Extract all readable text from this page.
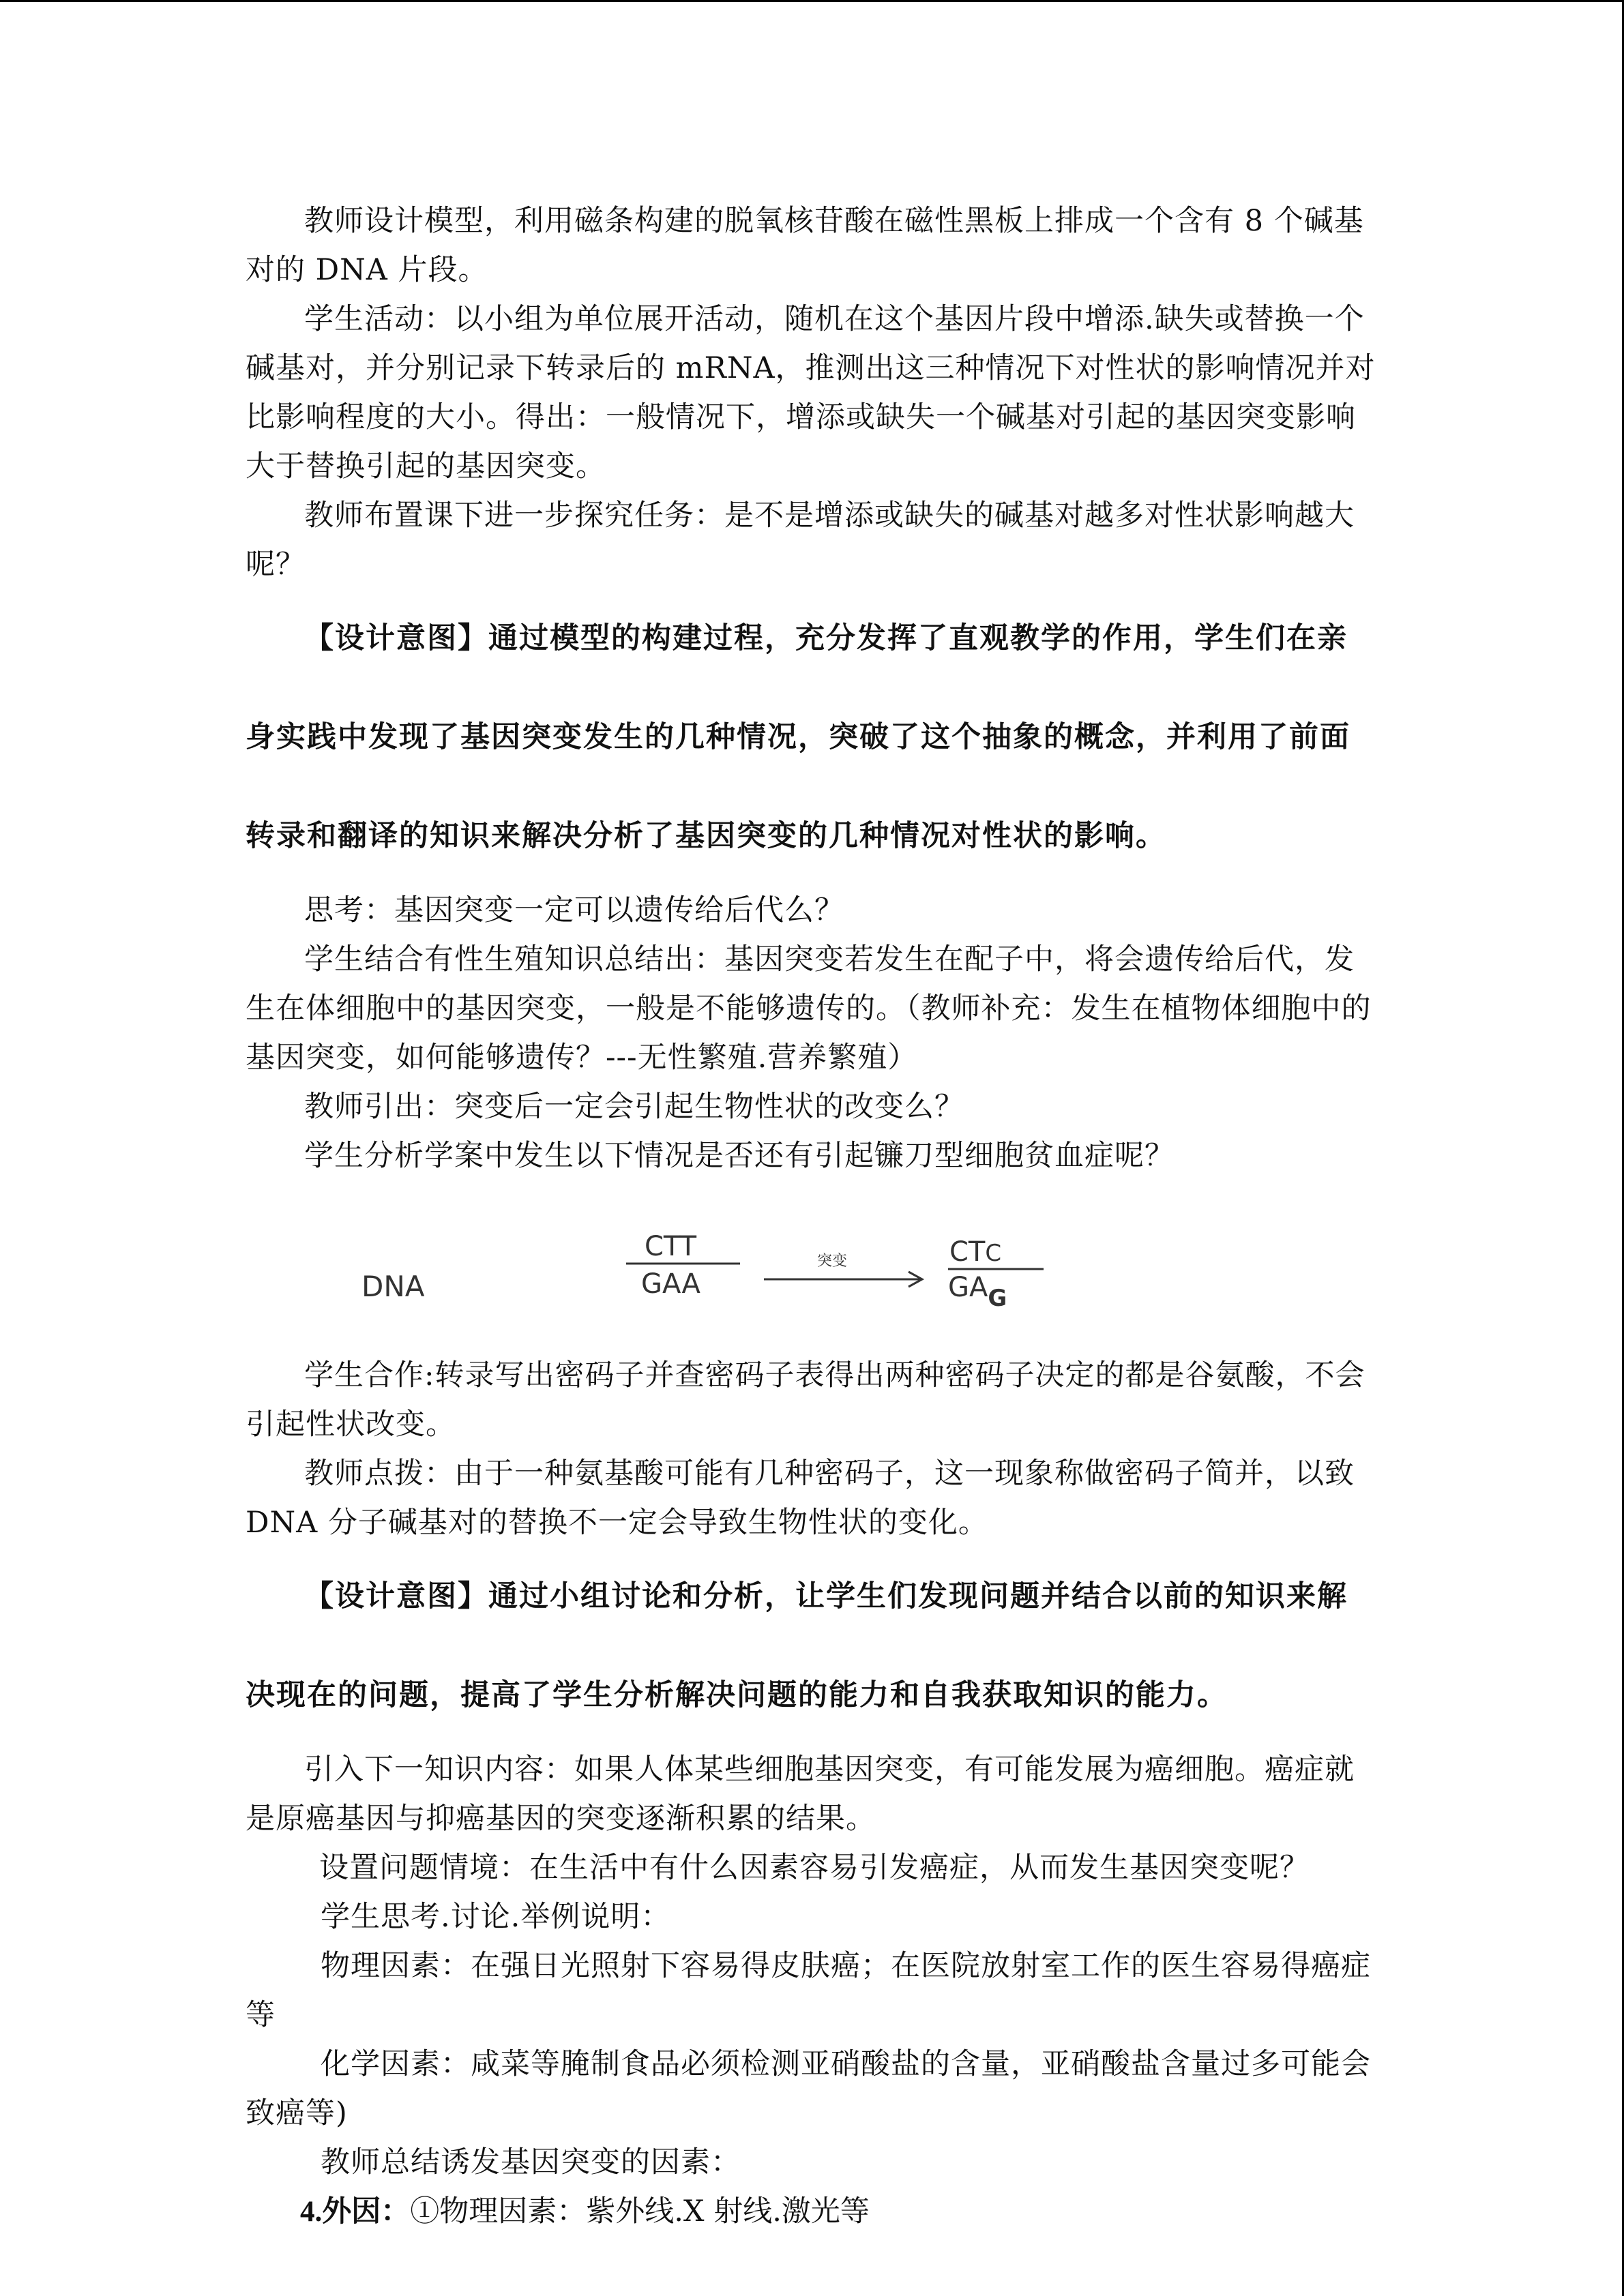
教师设计模型，利用磁条构建的脱氧核苷酸在磁性黑板上排成一个含有 8 个碱基对的 DNA 片段。

学生活动：以小组为单位展开活动，随机在这个基因片段中增添.缺失或替换一个碱基对，并分别记录下转录后的 mRNA，推测出这三种情况下对性状的影响情况并对比影响程度的大小。得出：一般情况下，增添或缺失一个碱基对引起的基因突变影响大于替换引起的基因突变。

教师布置课下进一步探究任务：是不是增添或缺失的碱基对越多对性状影响越大呢？

【设计意图】通过模型的构建过程，充分发挥了直观教学的作用，学生们在亲身实践中发现了基因突变发生的几种情况，突破了这个抽象的概念，并利用了前面转录和翻译的知识来解决分析了基因突变的几种情况对性状的影响。

思考：基因突变一定可以遗传给后代么？

学生结合有性生殖知识总结出：基因突变若发生在配子中，将会遗传给后代，发生在体细胞中的基因突变，一般是不能够遗传的。（教师补充：发生在植物体细胞中的基因突变，如何能够遗传？---无性繁殖.营养繁殖）

教师引出：突变后一定会引起生物性状的改变么？

学生分析学案中发生以下情况是否还有引起镰刀型细胞贫血症呢？

DNA
CTT
GAA
突变	CTC
$GA_G$

学生合作:转录写出密码子并查密码子表得出两种密码子决定的都是谷氨酸，不会引起性状改变。

教师点拨：由于一种氨基酸可能有几种密码子，这一现象称做密码子简并，以致 DNA 分子碱基对的替换不一定会导致生物性状的变化。

【设计意图】通过小组讨论和分析，让学生们发现问题并结合以前的知识来解决现在的问题，提高了学生分析解决问题的能力和自我获取知识的能力。

引入下一知识内容：如果人体某些细胞基因突变，有可能发展为癌细胞。癌症就是原癌基因与抑癌基因的突变逐渐积累的结果。

设置问题情境：在生活中有什么因素容易引发癌症，从而发生基因突变呢？

学生思考.讨论.举例说明：

物理因素：在强日光照射下容易得皮肤癌；在医院放射室工作的医生容易得癌症等

化学因素：咸菜等腌制食品必须检测亚硝酸盐的含量，亚硝酸盐含量过多可能会致癌等)

教师总结诱发基因突变的因素：

4.外因：①物理因素：紫外线.X 射线.激光等
